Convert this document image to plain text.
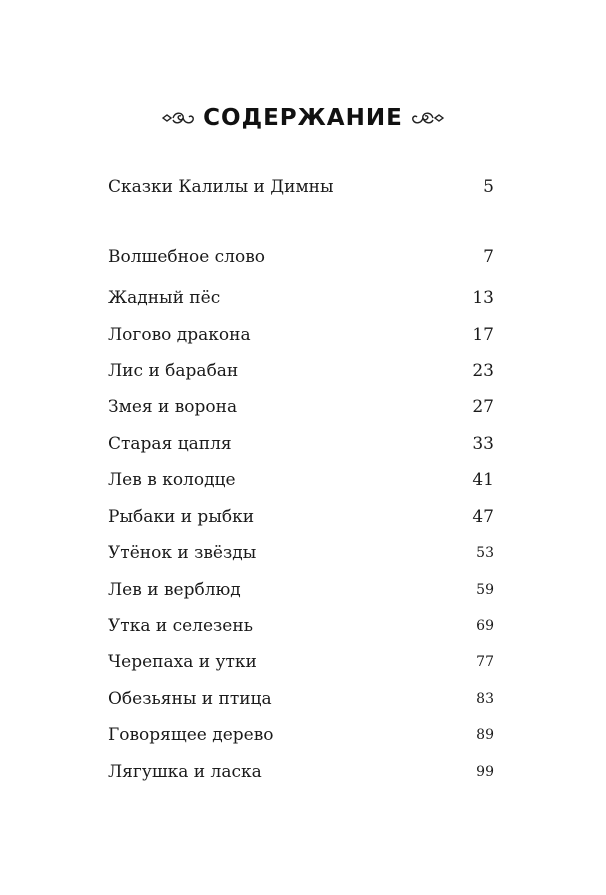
СОДЕРЖАНИЕ
Сказки Калилы и Димны	5
Волшебное слово	7
Жадный пёс	13
Логово дракона	17
Лис и барабан	23
Змея и ворона	27
Старая цапля	33
Лев в колодце	41
Рыбаки и рыбки	47
Утёнок и звёзды	53
Лев и верблюд	59
Утка и селезень	69
Черепаха и утки	77
Обезьяны и птица	83
Говорящее дерево	89
Лягушка и ласка	99
